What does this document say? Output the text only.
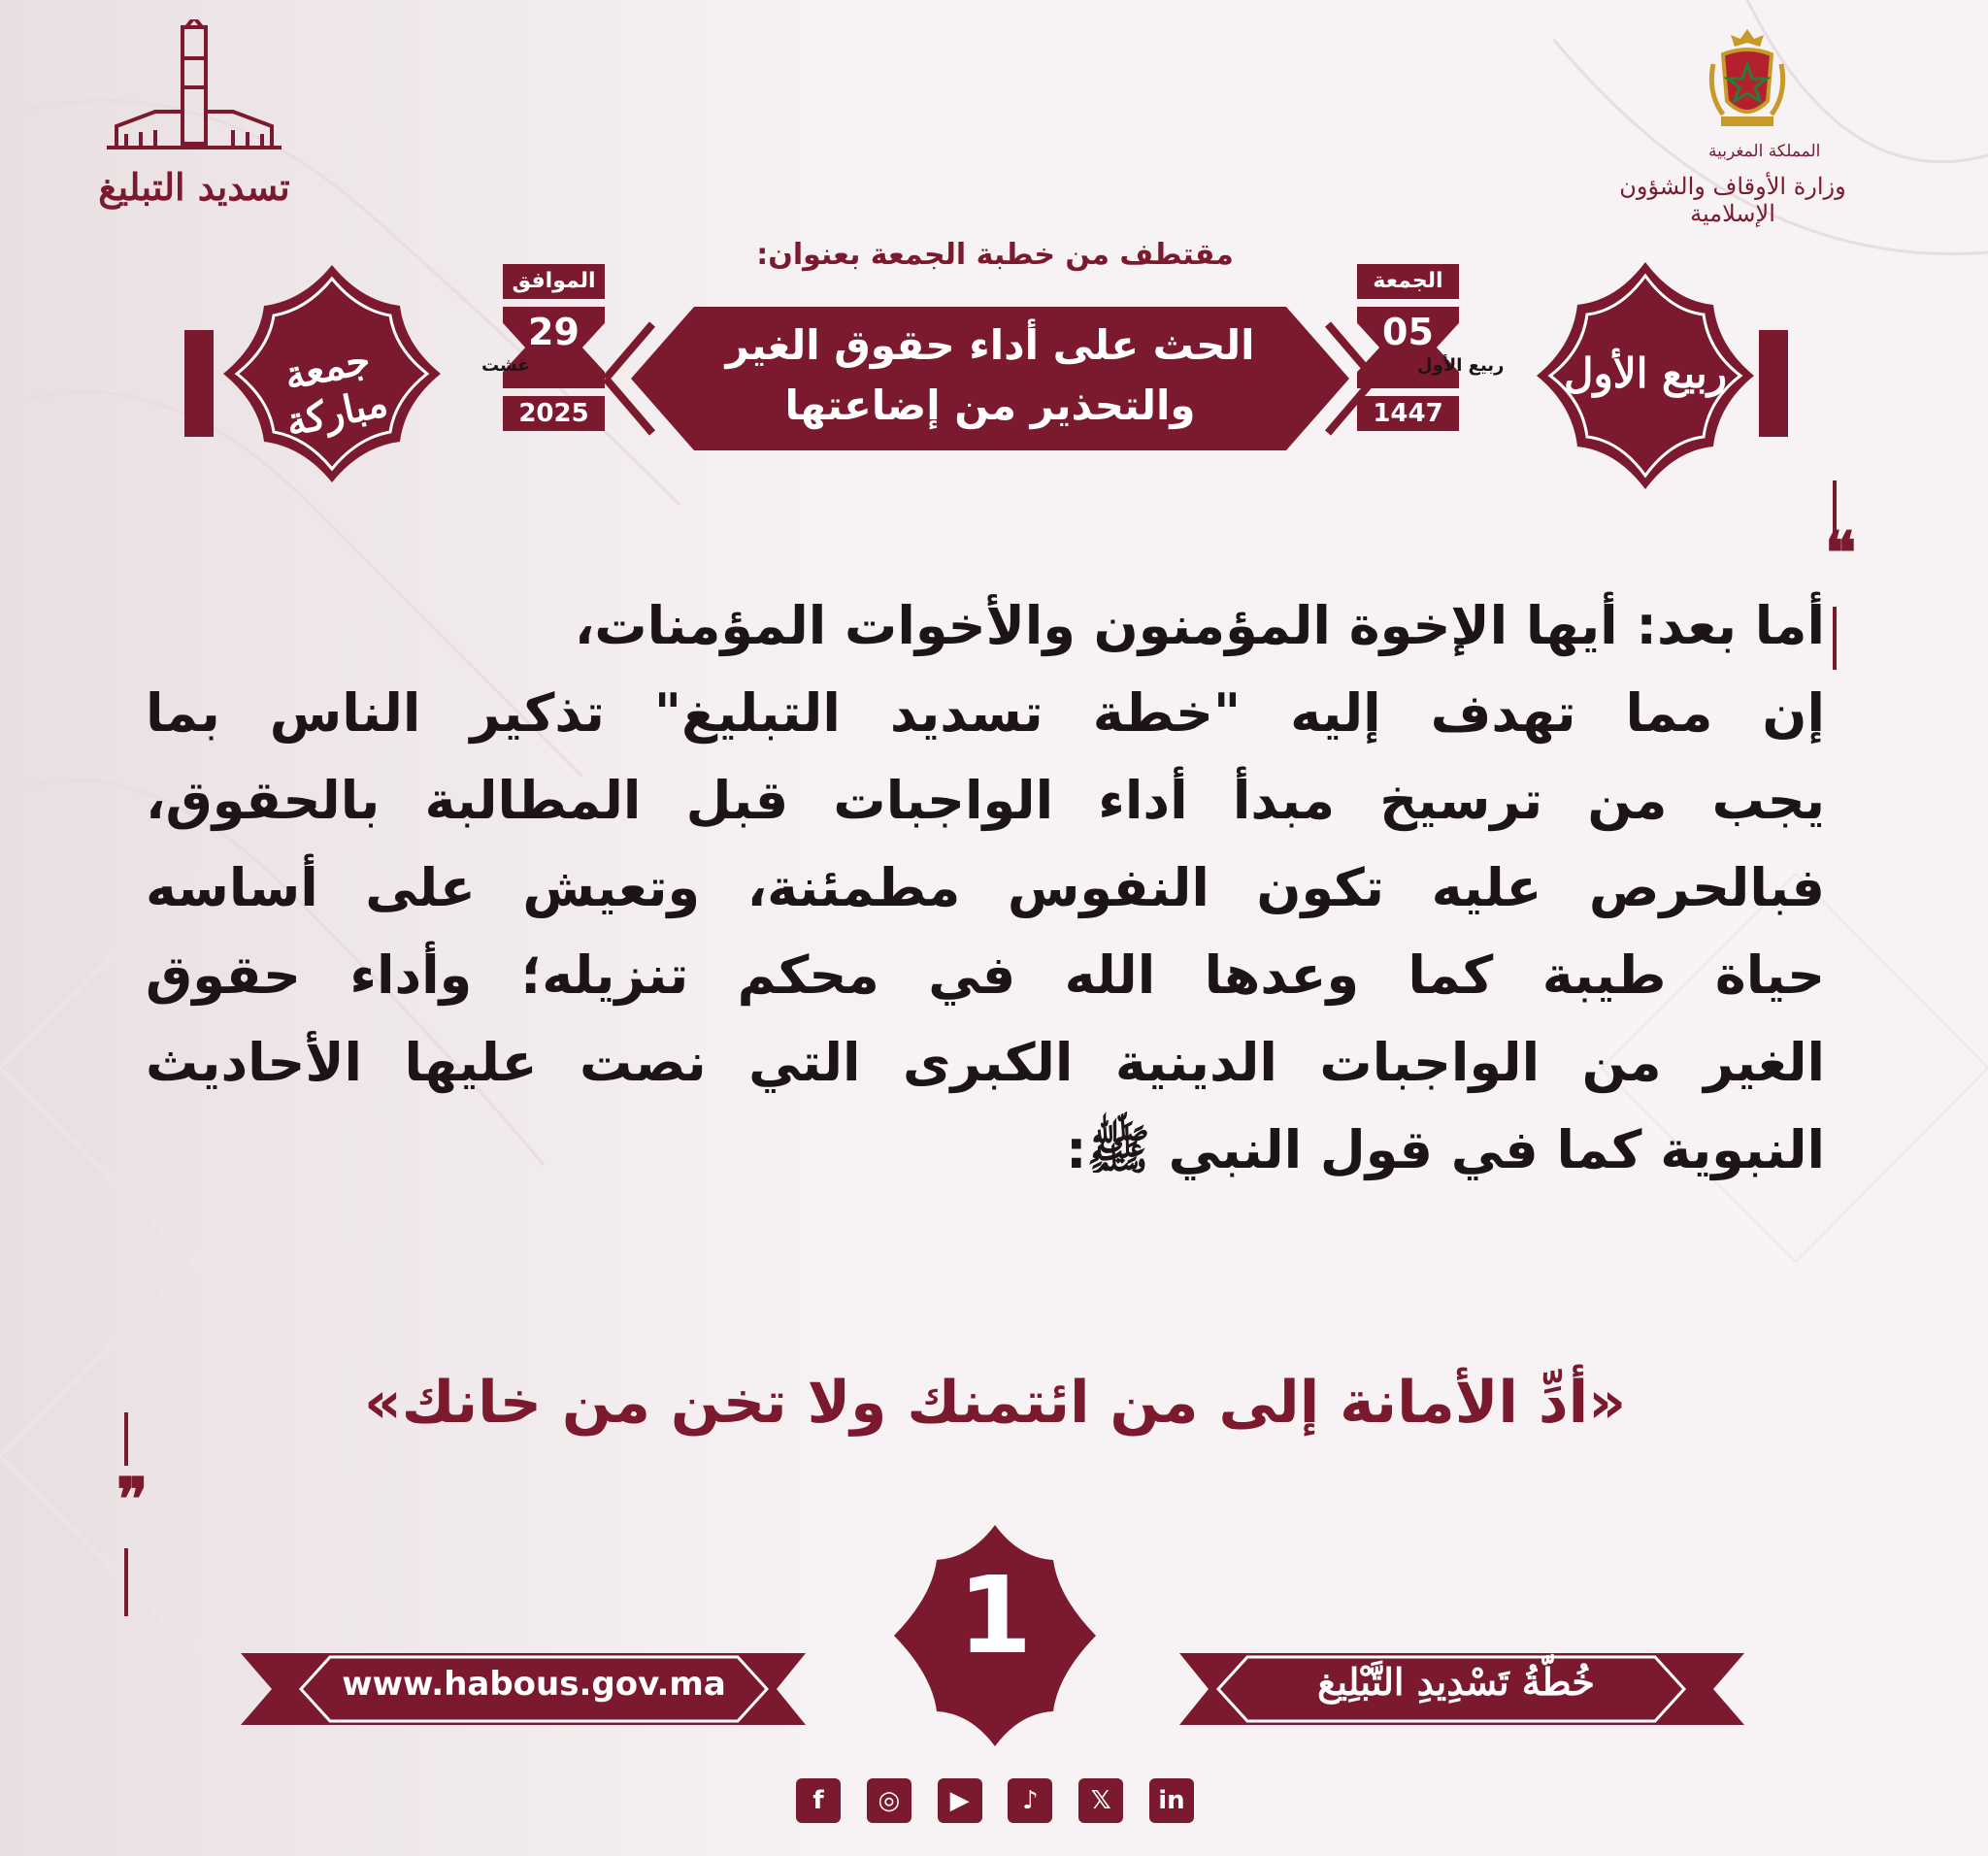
تسديد التبليغ
المملكة المغربية
وزارة الأوقاف والشؤون الإسلامية
مقتطف من خطبة الجمعة بعنوان:
جمعة مباركة
ربيع الأول
الحث على أداء حقوق الغير
والتحذير من إضاعتها
الجمعة
05
ربيع الأول
1447
الموافق
29
غشت
2025
❝
❞
أما بعد: أيها الإخوة المؤمنون والأخوات المؤمنات،
إن مما تهدف إليه "خطة تسديد التبليغ" تذكير الناس بما
يجب من ترسيخ مبدأ أداء الواجبات قبل المطالبة بالحقوق،
فبالحرص عليه تكون النفوس مطمئنة، وتعيش على أساسه
حياة طيبة كما وعدها الله في محكم تنزيله؛ وأداء حقوق
الغير من الواجبات الدينية الكبرى التي نصت عليها الأحاديث
النبوية كما في قول النبي ﷺ:
«أدِّ الأمانة إلى من ائتمنك ولا تخن من خانك»
www.habous.gov.ma	خُطّةُ تَسْدِيدِ التَّبْلِيغ
1
f	◎	▶	♪	𝕏	in
